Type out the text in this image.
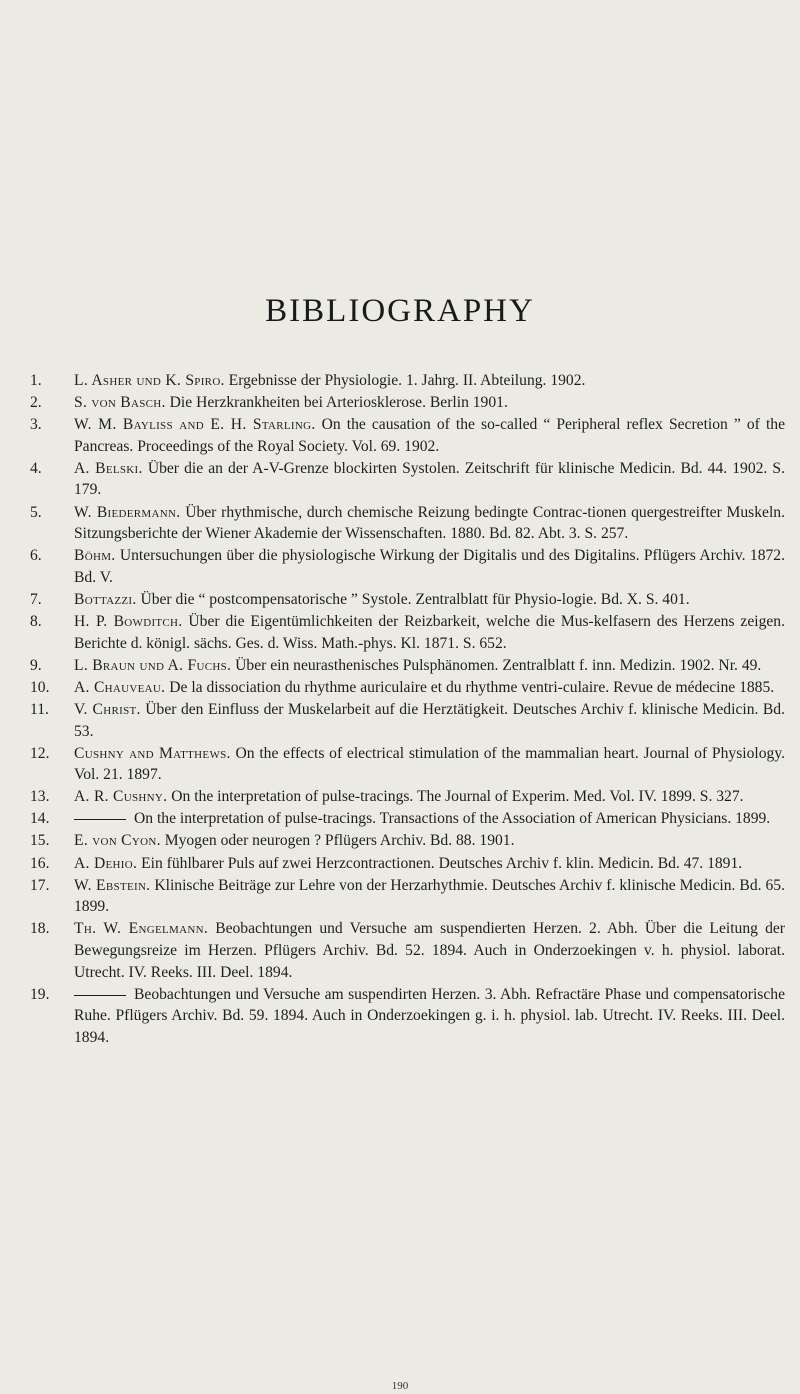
BIBLIOGRAPHY
1.	L. Asher und K. Spiro. Ergebnisse der Physiologie. 1. Jahrg. II. Abteilung. 1902.
2.	S. von Basch. Die Herzkrankheiten bei Arteriosklerose. Berlin 1901.
3.	W. M. Bayliss and E. H. Starling. On the causation of the so-called “ Peripheral reflex Secretion ” of the Pancreas. Proceedings of the Royal Society. Vol. 69. 1902.
4.	A. Belski. Über die an der A-V-Grenze blockirten Systolen. Zeitschrift für klinische Medicin. Bd. 44. 1902. S. 179.
5.	W. Biedermann. Über rhythmische, durch chemische Reizung bedingte Contrac-tionen quergestreifter Muskeln. Sitzungsberichte der Wiener Akademie der Wissenschaften. 1880. Bd. 82. Abt. 3. S. 257.
6.	Böhm. Untersuchungen über die physiologische Wirkung der Digitalis und des Digitalins. Pflügers Archiv. 1872. Bd. V.
7.	Bottazzi. Über die “ postcompensatorische ” Systole. Zentralblatt für Physio-logie. Bd. X. S. 401.
8.	H. P. Bowditch. Über die Eigentümlichkeiten der Reizbarkeit, welche die Mus-kelfasern des Herzens zeigen. Berichte d. königl. sächs. Ges. d. Wiss. Math.-phys. Kl. 1871. S. 652.
9.	L. Braun und A. Fuchs. Über ein neurasthenisches Pulsphänomen. Zentralblatt f. inn. Medizin. 1902. Nr. 49.
10.	A. Chauveau. De la dissociation du rhythme auriculaire et du rhythme ventri-culaire. Revue de médecine 1885.
11.	V. Christ. Über den Einfluss der Muskelarbeit auf die Herztätigkeit. Deutsches Archiv f. klinische Medicin. Bd. 53.
12.	Cushny and Matthews. On the effects of electrical stimulation of the mammalian heart. Journal of Physiology. Vol. 21. 1897.
13.	A. R. Cushny. On the interpretation of pulse-tracings. The Journal of Experim. Med. Vol. IV. 1899. S. 327.
14.	On the interpretation of pulse-tracings. Transactions of the Association of American Physicians. 1899.
15.	E. von Cyon. Myogen oder neurogen ? Pflügers Archiv. Bd. 88. 1901.
16.	A. Dehio. Ein fühlbarer Puls auf zwei Herzcontractionen. Deutsches Archiv f. klin. Medicin. Bd. 47. 1891.
17.	W. Ebstein. Klinische Beiträge zur Lehre von der Herzarhythmie. Deutsches Archiv f. klinische Medicin. Bd. 65. 1899.
18.	Th. W. Engelmann. Beobachtungen und Versuche am suspendierten Herzen. 2. Abh. Über die Leitung der Bewegungsreize im Herzen. Pflügers Archiv. Bd. 52. 1894. Auch in Onderzoekingen v. h. physiol. laborat. Utrecht. IV. Reeks. III. Deel. 1894.
19.	Beobachtungen und Versuche am suspendirten Herzen. 3. Abh. Refractäre Phase und compensatorische Ruhe. Pflügers Archiv. Bd. 59. 1894. Auch in Onderzoekingen g. i. h. physiol. lab. Utrecht. IV. Reeks. III. Deel. 1894.
190
